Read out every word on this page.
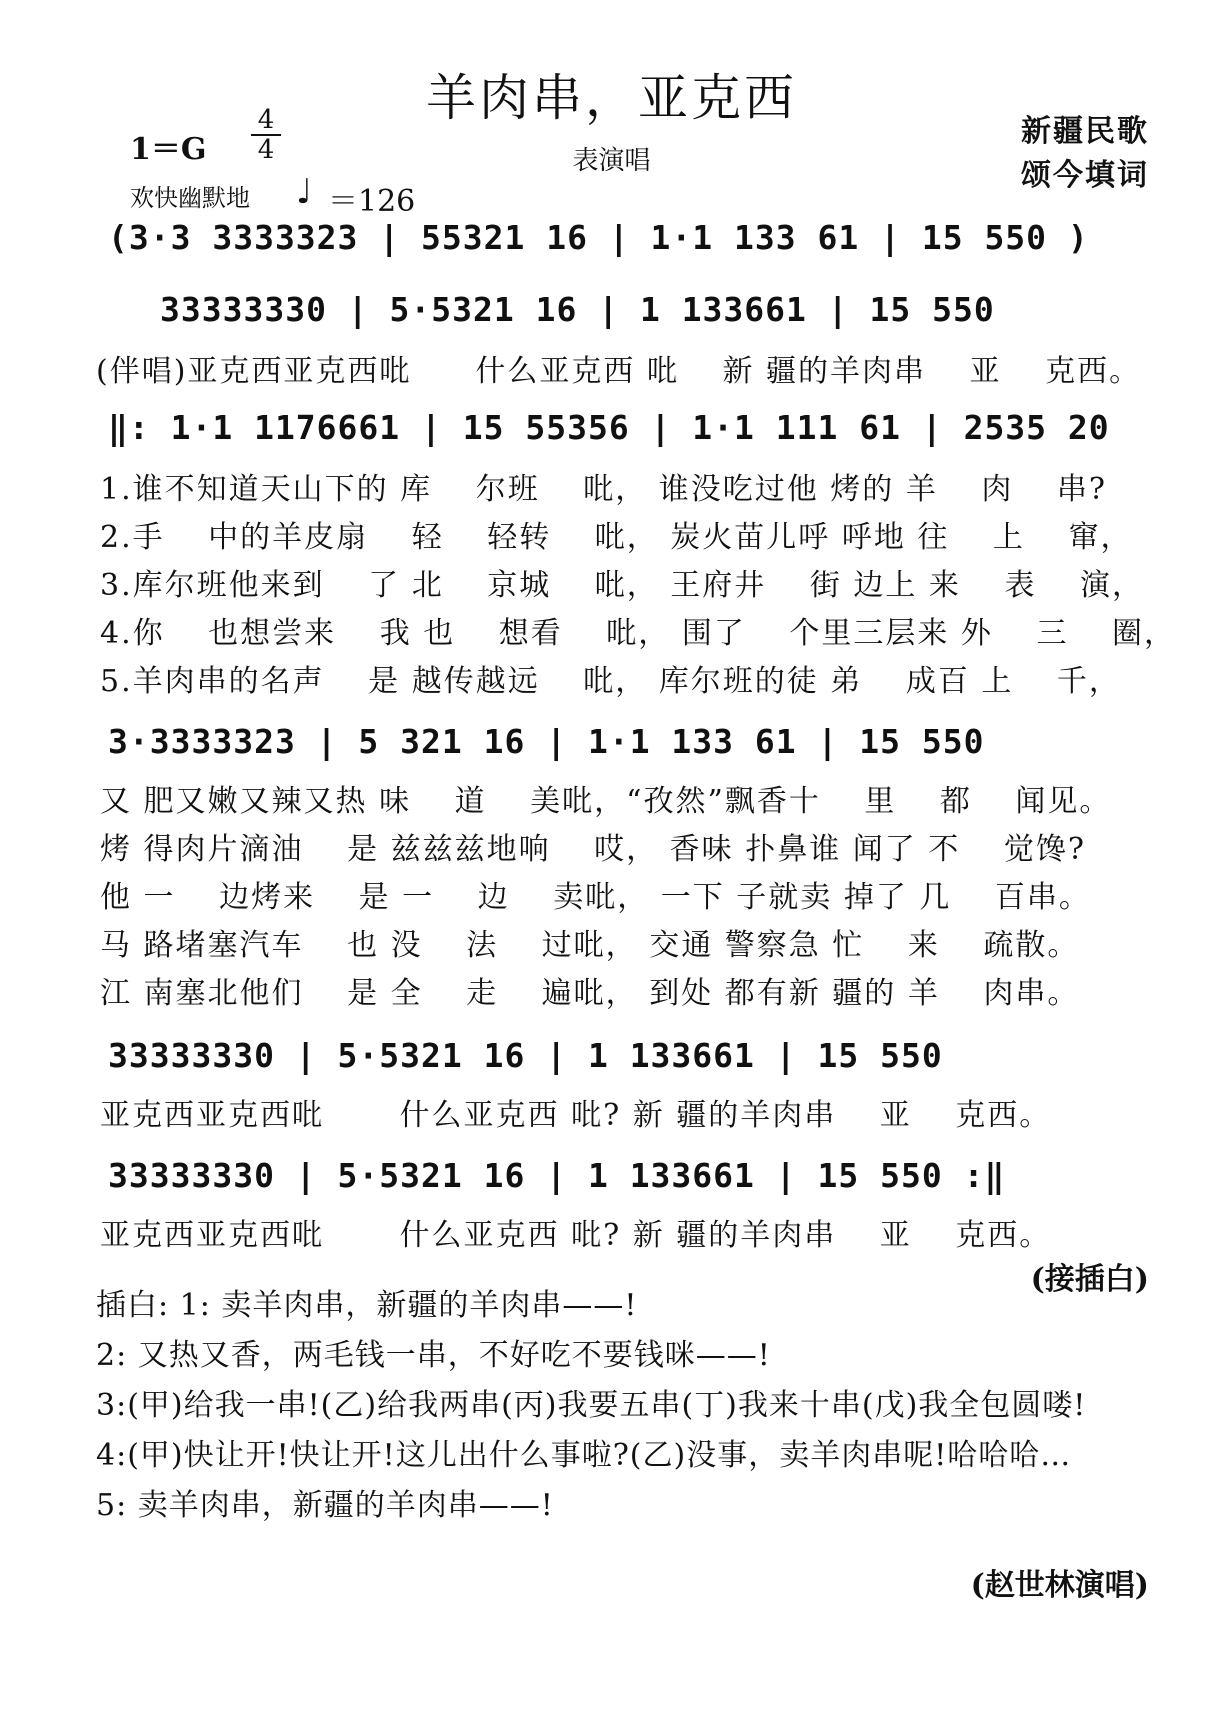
羊肉串，亚克西
表演唱
1＝G
4
4
欢快幽默地 ♩ ＝126
新疆民歌
颂今填词
(3·3 3333323 | 55321 16 | 1·1 133 61 | 15 550 )
33333330 | 5·5321 16 | 1 133661 | 15 550
(伴唱)亚克西亚克西吡　　什么亚克西 吡　 新 疆的羊肉串　 亚　 克西。
‖: 1·1 1176661 | 15 55356 | 1·1 111 61 | 2535 20
1.谁不知道天山下的 库　 尔班　 吡， 谁没吃过他 烤的 羊　 肉　 串?
2.手　 中的羊皮扇　 轻　 轻转　 吡， 炭火苗儿呼 呼地 往　 上　 窜，
3.库尔班他来到　 了 北　 京城　 吡， 王府井　 街 边上 来　 表　 演，
4.你　 也想尝来　 我 也　 想看　 吡， 围了　 个里三层来 外　 三　 圈，
5.羊肉串的名声　 是 越传越远　 吡， 库尔班的徒 弟　 成百 上　 千，
3·3333323 | 5 321 16 | 1·1 133 61 | 15 550
又 肥又嫩又辣又热 味　 道　 美吡，“孜然”飘香十　 里　 都　 闻见。
烤 得肉片滴油　 是 兹兹兹地响　 哎， 香味 扑鼻谁 闻了 不　 觉馋?
他 一　 边烤来　 是 一　 边　 卖吡， 一下 子就卖 掉了 几　 百串。
马 路堵塞汽车　 也 没　 法　 过吡， 交通 警察急 忙　 来　 疏散。
江 南塞北他们　 是 全　 走　 遍吡， 到处 都有新 疆的 羊　 肉串。
33333330 | 5·5321 16 | 1 133661 | 15 550
亚克西亚克西吡　　 什么亚克西 吡? 新 疆的羊肉串　 亚　 克西。
33333330 | 5·5321 16 | 1 133661 | 15 550 :‖
亚克西亚克西吡　　 什么亚克西 吡? 新 疆的羊肉串　 亚　 克西。
(接插白)
插白: 1: 卖羊肉串，新疆的羊肉串——!
2: 又热又香，两毛钱一串，不好吃不要钱咪——!
3:(甲)给我一串!(乙)给我两串(丙)我要五串(丁)我来十串(戊)我全包圆喽!
4:(甲)快让开!快让开!这儿出什么事啦?(乙)没事，卖羊肉串呢!哈哈哈…
5: 卖羊肉串，新疆的羊肉串——!
(赵世林演唱)
